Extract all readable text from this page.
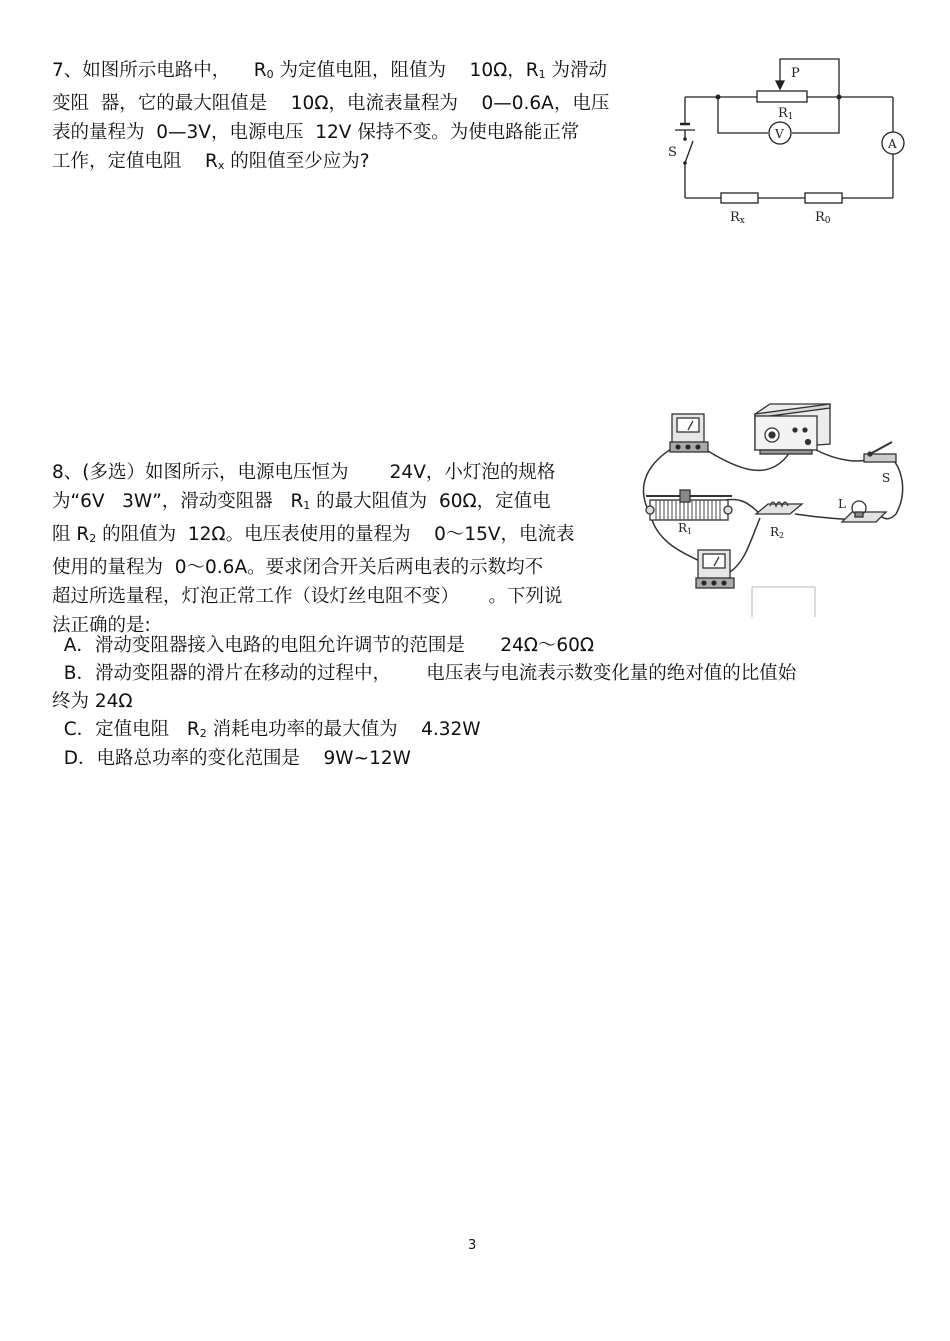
7、如图所示电路中，    $R_0$ 为定值电阻，阻值为    10Ω，$R_1$ 为滑动
变阻  器，它的最大阻值是    10Ω，电流表量程为    0—0.6A，电压
表的量程为  0—3V，电源电压  12V 保持不变。为使电路能正常
工作，定值电阻    $R_x$ 的阻值至少应为?
P
R1
V
A
S
Rx	R0
8、(多选）如图所示，电源电压恒为       24V，小灯泡的规格
为“6V   3W”，滑动变阻器   $R_1$ 的最大阻值为  60Ω，定值电
阻 $R_2$ 的阻值为  12Ω。电压表使用的量程为    0～15V，电流表
使用的量程为  0～0.6A。要求闭合开关后两电表的示数均不
超过所选量程，灯泡正常工作（设灯丝电阻不变）     。下列说
法正确的是:
A．滑动变阻器接入电路的电阻允许调节的范围是      24Ω～60Ω
B．滑动变阻器的滑片在移动的过程中，      电压表与电流表示数变化量的绝对值的比值始
终为 24Ω
C．定值电阻   $R_2$ 消耗电功率的最大值为    4.32W
D．电路总功率的变化范围是    9W~12W
S
L
R1	R2
3
